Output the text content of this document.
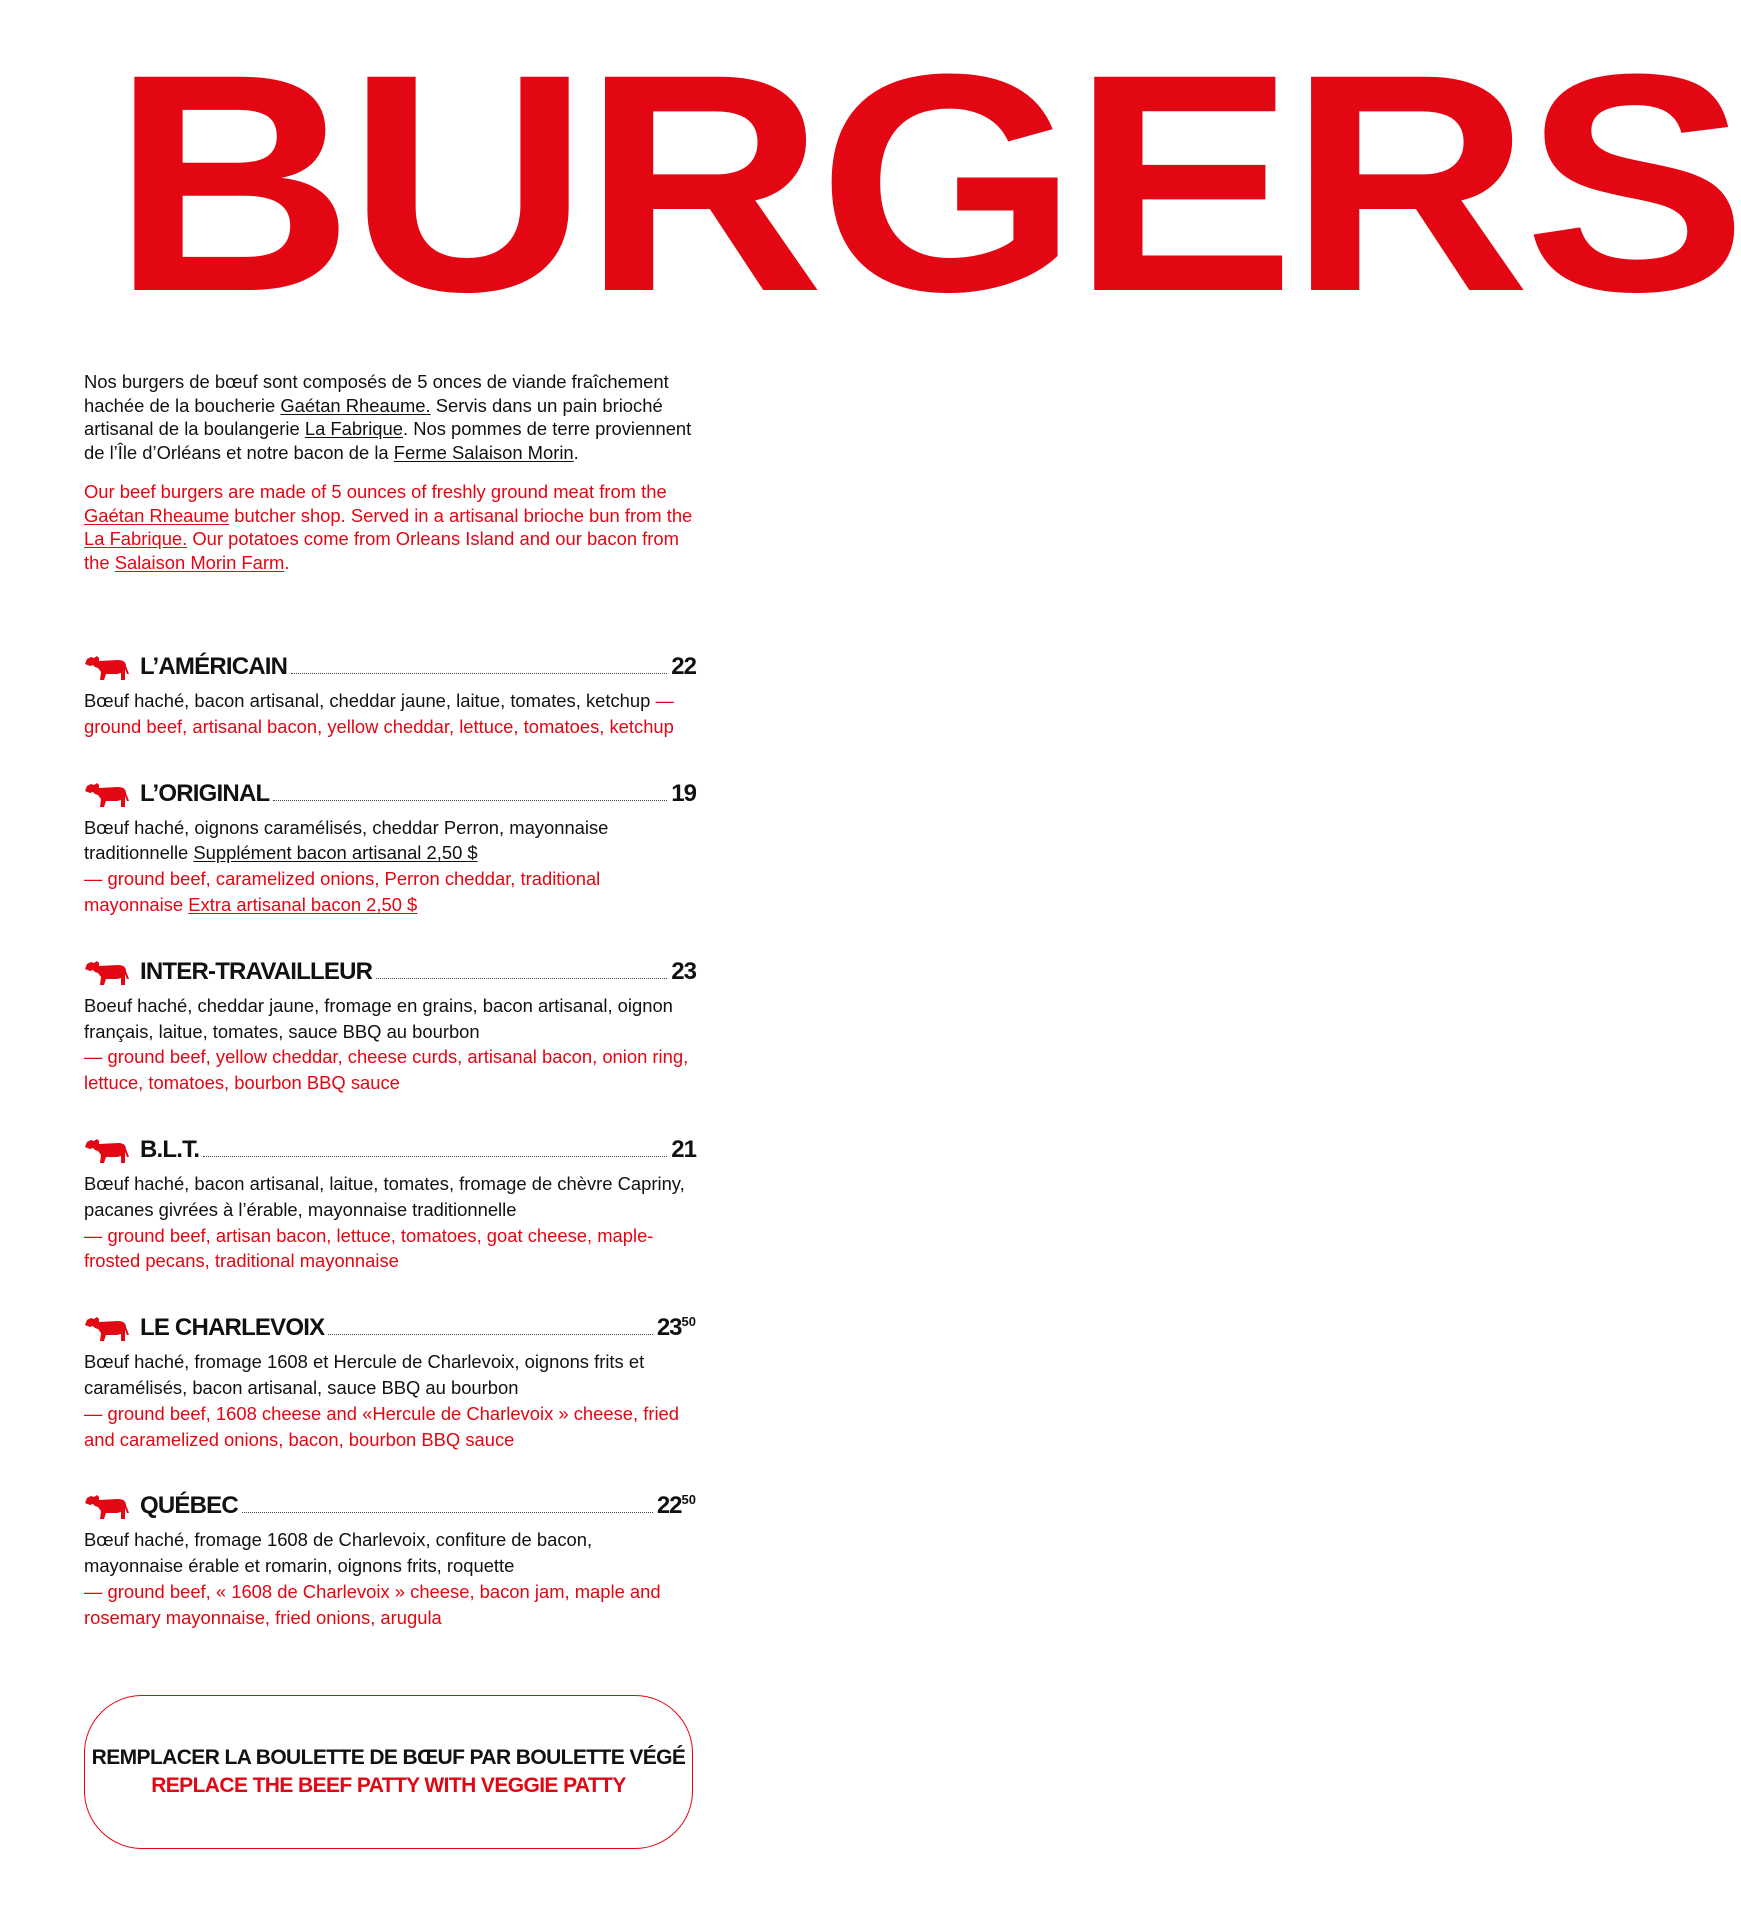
BURGERS

Nos burgers de bœuf sont composés de 5 onces de viande fraîchement hachée de la boucherie Gaétan Rheaume. Servis dans un pain brioché artisanal de la boulangerie La Fabrique. Nos pommes de terre proviennent de l’Île d’Orléans et notre bacon de la Ferme Salaison Morin.

Our beef burgers are made of 5 ounces of freshly ground meat from the Gaétan Rheaume butcher shop. Served in a artisanal brioche bun from the La Fabrique. Our potatoes come from Orleans Island and our bacon from the Salaison Morin Farm.

L’AMÉRICAIN	22
Bœuf haché, bacon artisanal, cheddar jaune, laitue, tomates, ketchup — ground beef, artisanal bacon, yellow cheddar, lettuce, tomatoes, ketchup
L’ORIGINAL	19
Bœuf haché, oignons caramélisés, cheddar Perron, mayonnaise traditionnelle Supplément bacon artisanal 2,50 $
— ground beef, caramelized onions, Perron cheddar, traditional mayonnaise Extra artisanal bacon 2,50 $
INTER-TRAVAILLEUR	23
Boeuf haché, cheddar jaune, fromage en grains, bacon artisanal, oignon français, laitue, tomates, sauce BBQ au bourbon
— ground beef, yellow cheddar, cheese curds, artisanal bacon, onion ring, lettuce, tomatoes, bourbon BBQ sauce
B.L.T.	21
Bœuf haché, bacon artisanal, laitue, tomates, fromage de chèvre Capriny, pacanes givrées à l’érable, mayonnaise traditionnelle
— ground beef, artisan bacon, lettuce, tomatoes, goat cheese, maple-frosted pecans, traditional mayonnaise
LE CHARLEVOIX	$23^{50}$
Bœuf haché, fromage 1608 et Hercule de Charlevoix, oignons frits et caramélisés, bacon artisanal, sauce BBQ au bourbon
— ground beef, 1608 cheese and «Hercule de Charlevoix » cheese, fried and caramelized onions, bacon, bourbon BBQ sauce
QUÉBEC	$22^{50}$
Bœuf haché, fromage 1608 de Charlevoix, confiture de bacon, mayonnaise érable et romarin, oignons frits, roquette
— ground beef, « 1608 de Charlevoix » cheese, bacon jam, maple and rosemary mayonnaise, fried onions, arugula
REMPLACER LA BOULETTE DE BŒUF PAR BOULETTE VÉGÉ
REPLACE THE BEEF PATTY WITH VEGGIE PATTY
